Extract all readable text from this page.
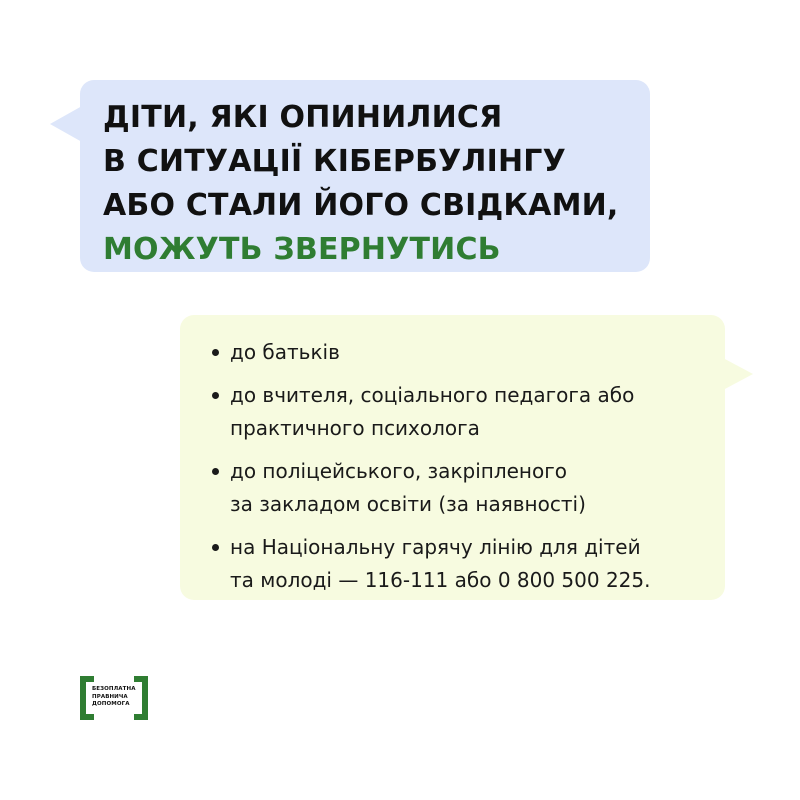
ДІТИ, ЯКІ ОПИНИЛИСЯ
В СИТУАЦІЇ КІБЕРБУЛІНГУ
АБО СТАЛИ ЙОГО СВІДКАМИ,
МОЖУТЬ ЗВЕРНУТИСЬ
до батьків
до вчителя, соціального педагога або
практичного психолога
до поліцейського, закріпленого
за закладом освіти (за наявності)
на Національну гарячу лінію для дітей
та молоді — 116-111 або 0 800 500 225.
БЕЗОПЛАТНА
ПРАВНИЧА
ДОПОМОГА
